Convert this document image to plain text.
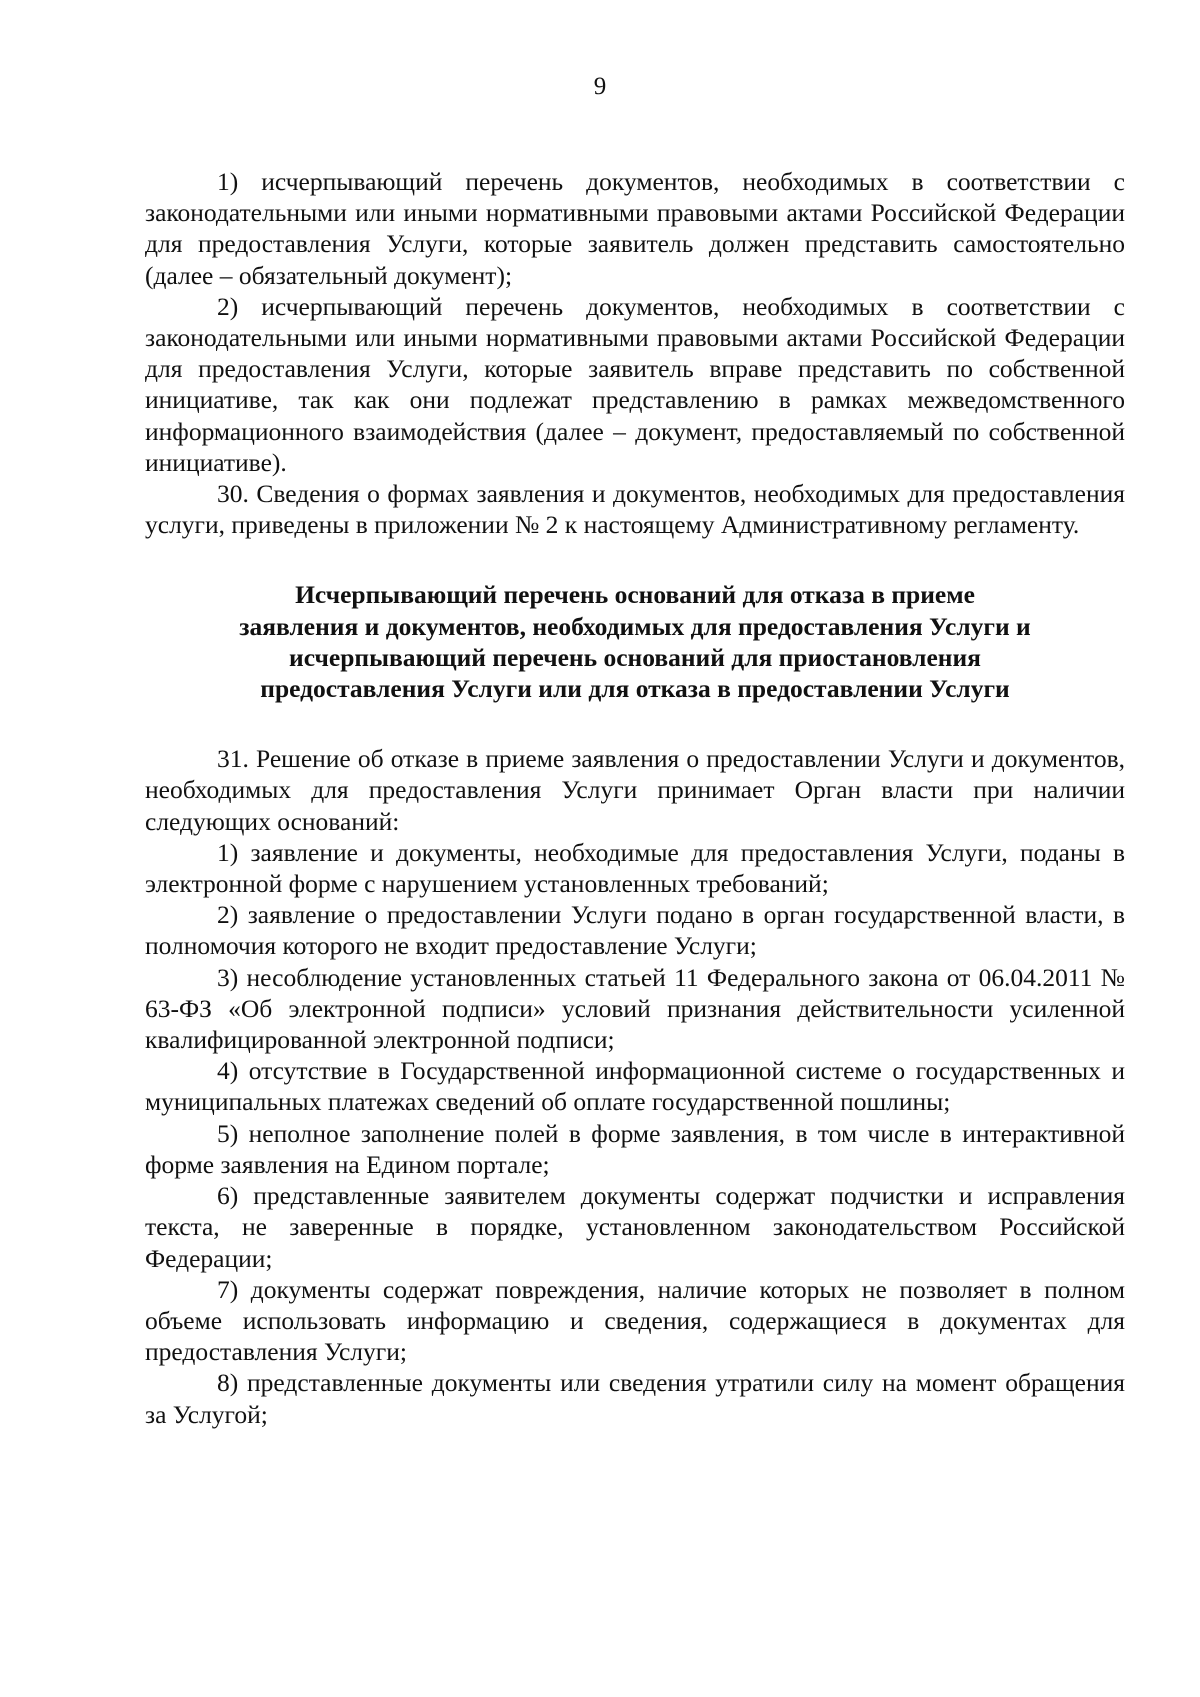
9

1) исчерпывающий перечень документов, необходимых в соответствии с законодательными или иными нормативными правовыми актами Российской Федерации для предоставления Услуги, которые заявитель должен представить самостоятельно (далее – обязательный документ);

2) исчерпывающий перечень документов, необходимых в соответствии с законодательными или иными нормативными правовыми актами Российской Федерации для предоставления Услуги, которые заявитель вправе представить по собственной инициативе, так как они подлежат представлению в рамках межведомственного информационного взаимодействия (далее – документ, предоставляемый по собственной инициативе).

30. Сведения о формах заявления и документов, необходимых для предоставления услуги, приведены в приложении № 2 к настоящему Административному регламенту.

Исчерпывающий перечень оснований для отказа в приеме
заявления и документов, необходимых для предоставления Услуги и
исчерпывающий перечень оснований для приостановления
предоставления Услуги или для отказа в предоставлении Услуги

31. Решение об отказе в приеме заявления о предоставлении Услуги и документов, необходимых для предоставления Услуги принимает Орган власти при наличии следующих оснований:

1) заявление и документы, необходимые для предоставления Услуги, поданы в электронной форме с нарушением установленных требований;

2) заявление о предоставлении Услуги подано в орган государственной власти, в полномочия которого не входит предоставление Услуги;

3) несоблюдение установленных статьей 11 Федерального закона от 06.04.2011 № 63-ФЗ «Об электронной подписи» условий признания действительности усиленной квалифицированной электронной подписи;

4) отсутствие в Государственной информационной системе о государственных и муниципальных платежах сведений об оплате государственной пошлины;

5) неполное заполнение полей в форме заявления, в том числе в интерактивной форме заявления на Едином портале;

6) представленные заявителем документы содержат подчистки и исправления текста, не заверенные в порядке, установленном законодательством Российской Федерации;

7) документы содержат повреждения, наличие которых не позволяет в полном объеме использовать информацию и сведения, содержащиеся в документах для предоставления Услуги;

8) представленные документы или сведения утратили силу на момент обращения за Услугой;
